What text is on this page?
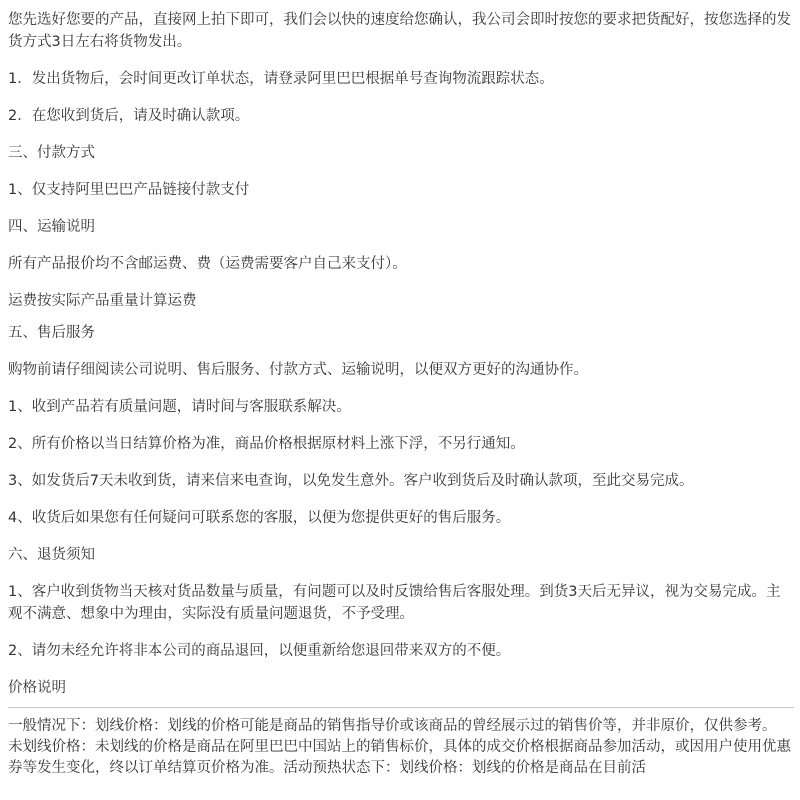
您先选好您要的产品，直接网上拍下即可，我们会以快的速度给您确认，我公司会即时按您的要求把货配好，按您选择的发货方式3日左右将货物发出。

1．发出货物后，会时间更改订单状态，请登录阿里巴巴根据单号查询物流跟踪状态。

2．在您收到货后，请及时确认款项。

三、付款方式

1、仅支持阿里巴巴产品链接付款支付

四、运输说明

所有产品报价均不含邮运费、费（运费需要客户自己来支付）。

运费按实际产品重量计算运费

五、售后服务

购物前请仔细阅读公司说明、售后服务、付款方式、运输说明，以便双方更好的沟通协作。

1、收到产品若有质量问题，请时间与客服联系解决。

2、所有价格以当日结算价格为准，商品价格根据原材料上涨下浮，不另行通知。

3、如发货后7天未收到货，请来信来电查询，以免发生意外。客户收到货后及时确认款项，至此交易完成。

4、收货后如果您有任何疑问可联系您的客服，以便为您提供更好的售后服务。

六、退货须知

1、客户收到货物当天核对货品数量与质量，有问题可以及时反馈给售后客服处理。到货3天后无异议，视为交易完成。主观不满意、想象中为理由，实际没有质量问题退货，不予受理。

2、请勿未经允许将非本公司的商品退回，以便重新给您退回带来双方的不便。

价格说明

一般情况下：划线价格：划线的价格可能是商品的销售指导价或该商品的曾经展示过的销售价等，并非原价，仅供参考。

未划线价格：未划线的价格是商品在阿里巴巴中国站上的销售标价，具体的成交价格根据商品参加活动，或因用户使用优惠券等发生变化，终以订单结算页价格为准。活动预热状态下：划线价格：划线的价格是商品在目前活
